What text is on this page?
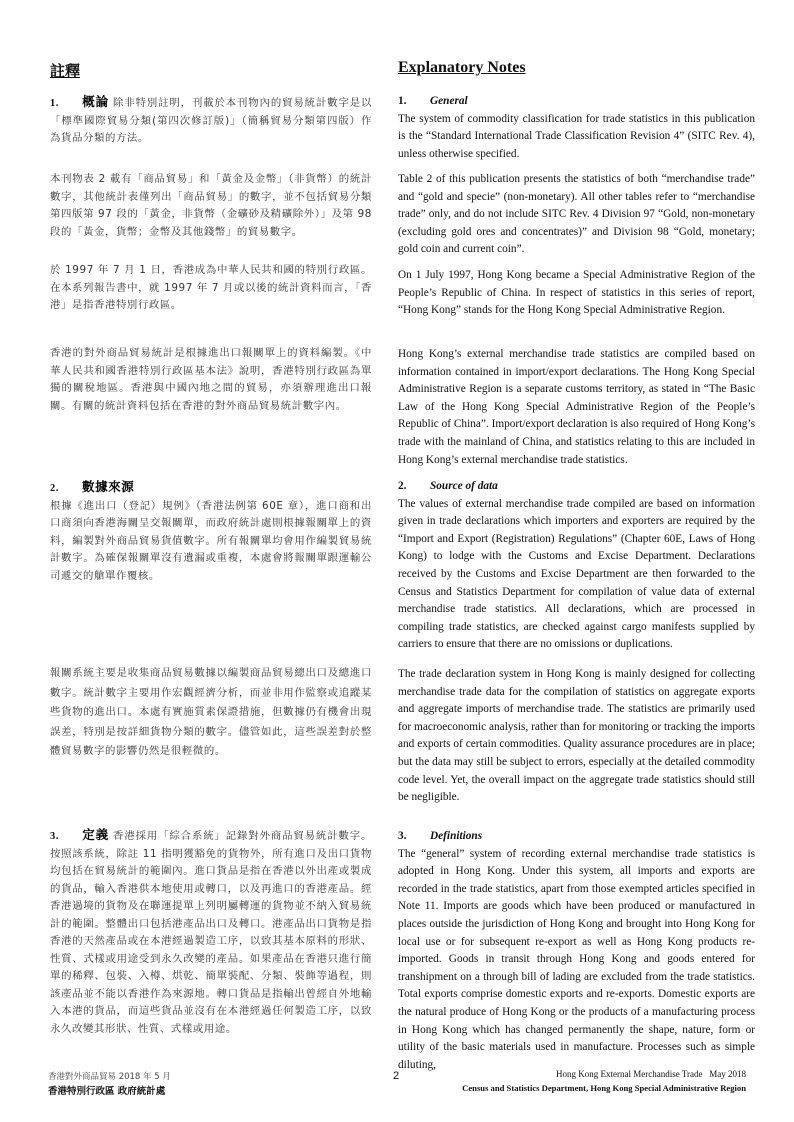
註釋	Explanatory Notes

1. 概論 除非特別註明，刊載於本刊物內的貿易統計數字是以「標準國際貿易分類(第四次修訂版)」（簡稱貿易分類第四版）作為貨品分類的方法。

本刊物表 2 載有「商品貿易」和「黃金及金幣」（非貨幣）的統計數字，其他統計表僅列出「商品貿易」的數字，並不包括貿易分類第四版第 97 段的「黃金，非貨幣（金礦砂及精礦除外）」及第 98 段的「黃金，貨幣；金幣及其他錢幣」的貿易數字。

於 1997 年 7 月 1 日，香港成為中華人民共和國的特別行政區。在本系列報告書中，就 1997 年 7 月或以後的統計資料而言，「香港」是指香港特別行政區。

香港的對外商品貿易統計是根據進出口報關單上的資料編製。《中華人民共和國香港特別行政區基本法》說明，香港特別行政區為單獨的關稅地區。香港與中國內地之間的貿易，亦須辦理進出口報關。有關的統計資料包括在香港的對外商品貿易統計數字內。

2. 數據來源
根據《進出口（登記）規例》（香港法例第 60E 章），進口商和出口商須向香港海關呈交報關單，而政府統計處則根據報關單上的資料，編製對外商品貿易貨值數字。所有報關單均會用作編製貿易統計數字。為確保報關單沒有遺漏或重複，本處會將報關單跟運輸公司遞交的艙單作覆核。

報關系統主要是收集商品貿易數據以編製商品貿易總出口及總進口數字。統計數字主要用作宏觀經濟分析，而並非用作監察或追蹤某些貨物的進出口。本處有實施質素保證措施，但數據仍有機會出現誤差，特別是按詳細貨物分類的數字。儘管如此，這些誤差對於整體貿易數字的影響仍然是很輕微的。

3. 定義 香港採用「綜合系統」記錄對外商品貿易統計數字。按照該系統，除註 11 指明獲豁免的貨物外，所有進口及出口貨物均包括在貿易統計的範圍內。進口貨品是指在香港以外出產或製成的貨品，輸入香港供本地使用或轉口，以及再進口的香港產品。經香港過境的貨物及在聯運提單上列明屬轉運的貨物並不納入貿易統計的範圍。整體出口包括港產品出口及轉口。港產品出口貨物是指香港的天然產品或在本港經過製造工序，以致其基本原料的形狀、性質、式樣或用途受到永久改變的產品。如果產品在香港只進行簡單的稀釋、包裝、入樽、烘乾、簡單裝配、分類、裝飾等過程，則該產品並不能以香港作為來源地。轉口貨品是指輸出曾經自外地輸入本港的貨品，而這些貨品並沒有在本港經過任何製造工序，以致永久改變其形狀、性質、式樣或用途。

1. General
The system of commodity classification for trade statistics in this publication is the “Standard International Trade Classification Revision 4” (SITC Rev. 4), unless otherwise specified.

Table 2 of this publication presents the statistics of both “merchandise trade” and “gold and specie” (non-monetary). All other tables refer to “merchandise trade” only, and do not include SITC Rev. 4 Division 97 “Gold, non-monetary (excluding gold ores and concentrates)” and Division 98 “Gold, monetary; gold coin and current coin”.

On 1 July 1997, Hong Kong became a Special Administrative Region of the People’s Republic of China. In respect of statistics in this series of report, “Hong Kong” stands for the Hong Kong Special Administrative Region.

Hong Kong’s external merchandise trade statistics are compiled based on information contained in import/export declarations. The Hong Kong Special Administrative Region is a separate customs territory, as stated in “The Basic Law of the Hong Kong Special Administrative Region of the People’s Republic of China”. Import/export declaration is also required of Hong Kong’s trade with the mainland of China, and statistics relating to this are included in Hong Kong’s external merchandise trade statistics.

2. Source of data
The values of external merchandise trade compiled are based on information given in trade declarations which importers and exporters are required by the “Import and Export (Registration) Regulations” (Chapter 60E, Laws of Hong Kong) to lodge with the Customs and Excise Department. Declarations received by the Customs and Excise Department are then forwarded to the Census and Statistics Department for compilation of value data of external merchandise trade statistics. All declarations, which are processed in compiling trade statistics, are checked against cargo manifests supplied by carriers to ensure that there are no omissions or duplications.

The trade declaration system in Hong Kong is mainly designed for collecting merchandise trade data for the compilation of statistics on aggregate exports and aggregate imports of merchandise trade. The statistics are primarily used for macroeconomic analysis, rather than for monitoring or tracking the imports and exports of certain commodities. Quality assurance procedures are in place; but the data may still be subject to errors, especially at the detailed commodity code level. Yet, the overall impact on the aggregate trade statistics should still be negligible.

3. Definitions
The “general” system of recording external merchandise trade statistics is adopted in Hong Kong. Under this system, all imports and exports are recorded in the trade statistics, apart from those exempted articles specified in Note 11. Imports are goods which have been produced or manufactured in places outside the jurisdiction of Hong Kong and brought into Hong Kong for local use or for subsequent re-export as well as Hong Kong products re-imported. Goods in transit through Hong Kong and goods entered for transhipment on a through bill of lading are excluded from the trade statistics. Total exports comprise domestic exports and re-exports. Domestic exports are the natural produce of Hong Kong or the products of a manufacturing process in Hong Kong which has changed permanently the shape, nature, form or utility of the basic materials used in manufacture. Processes such as simple diluting,

香港對外商品貿易 2018 年 5 月
香港特別行政區 政府統計處
2	Hong Kong External Merchandise Trade   May 2018
Census and Statistics Department, Hong Kong Special Administrative Region
